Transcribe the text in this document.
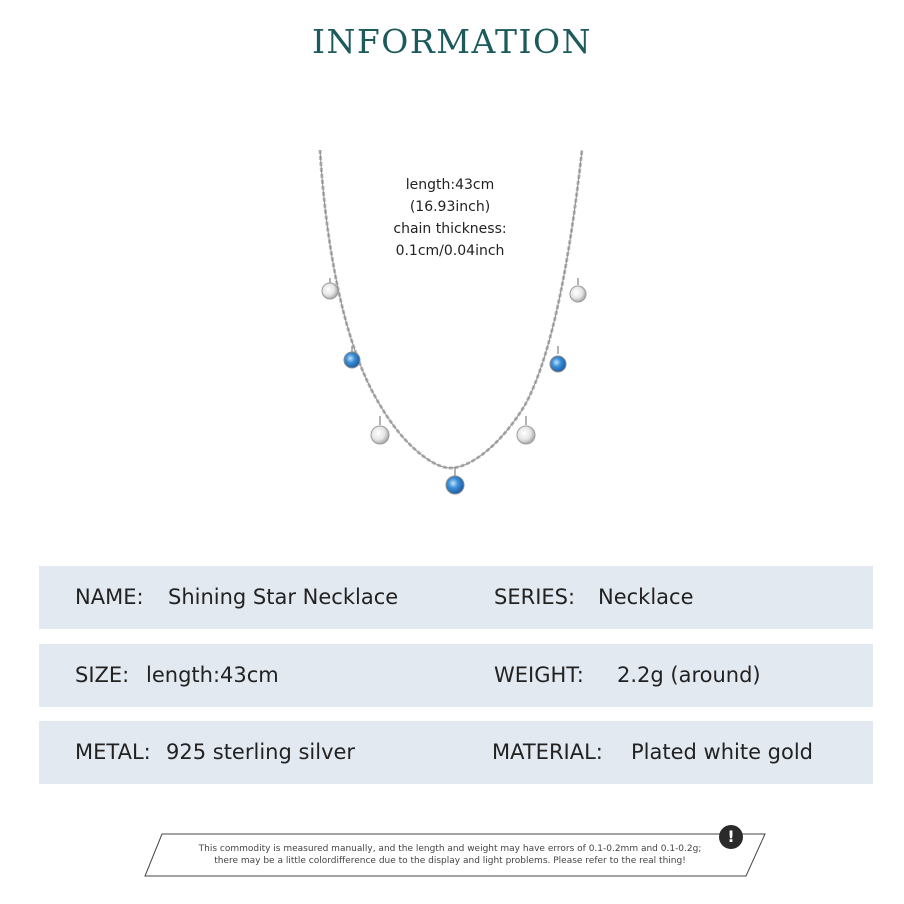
INFORMATION
length:43cm
(16.93inch)
chain thickness:
0.1cm/0.04inch
NAME: Shining Star Necklace	SERIES: Necklace
SIZE: length:43cm	WEIGHT: 2.2g (around)
METAL: 925 sterling silver	MATERIAL: Plated white gold
!
This commodity is measured manually, and the length and weight may have errors of 0.1-0.2mm and 0.1-0.2g;
there may be a little colordifference due to the display and light problems. Please refer to the real thing!
